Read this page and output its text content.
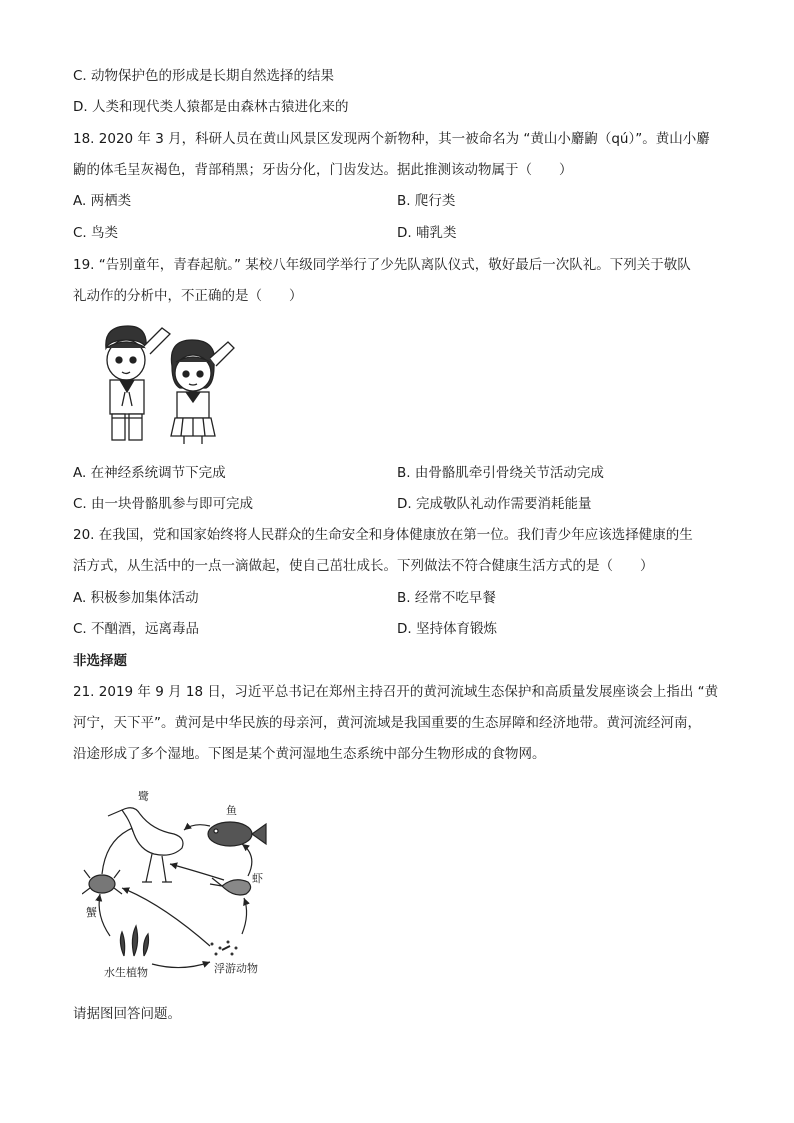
C. 动物保护色的形成是长期自然选择的结果
D. 人类和现代类人猿都是由森林古猿进化来的
18. 2020 年 3 月，科研人员在黄山风景区发现两个新物种，其一被命名为 “黄山小麝鼩（qú）”。黄山小麝
鼩的体毛呈灰褐色，背部稍黑；牙齿分化，门齿发达。据此推测该动物属于（　　）
A. 两栖类	B. 爬行类
C. 鸟类	D. 哺乳类
19. “告别童年，青春起航。” 某校八年级同学举行了少先队离队仪式，敬好最后一次队礼。下列关于敬队
礼动作的分析中，不正确的是（　　）
A. 在神经系统调节下完成	B. 由骨骼肌牵引骨绕关节活动完成
C. 由一块骨骼肌参与即可完成	D. 完成敬队礼动作需要消耗能量
20. 在我国，党和国家始终将人民群众的生命安全和身体健康放在第一位。我们青少年应该选择健康的生
活方式，从生活中的一点一滴做起，使自己茁壮成长。下列做法不符合健康生活方式的是（　　）
A. 积极参加集体活动	B. 经常不吃早餐
C. 不酗酒，远离毒品	D. 坚持体育锻炼
非选择题
21. 2019 年 9 月 18 日，习近平总书记在郑州主持召开的黄河流域生态保护和高质量发展座谈会上指出 “黄
河宁，天下平”。黄河是中华民族的母亲河，黄河流域是我国重要的生态屏障和经济地带。黄河流经河南，
沿途形成了多个湿地。下图是某个黄河湿地生态系统中部分生物形成的食物网。
鹭
鱼
虾
蟹
水生植物	浮游动物
请据图回答问题。
